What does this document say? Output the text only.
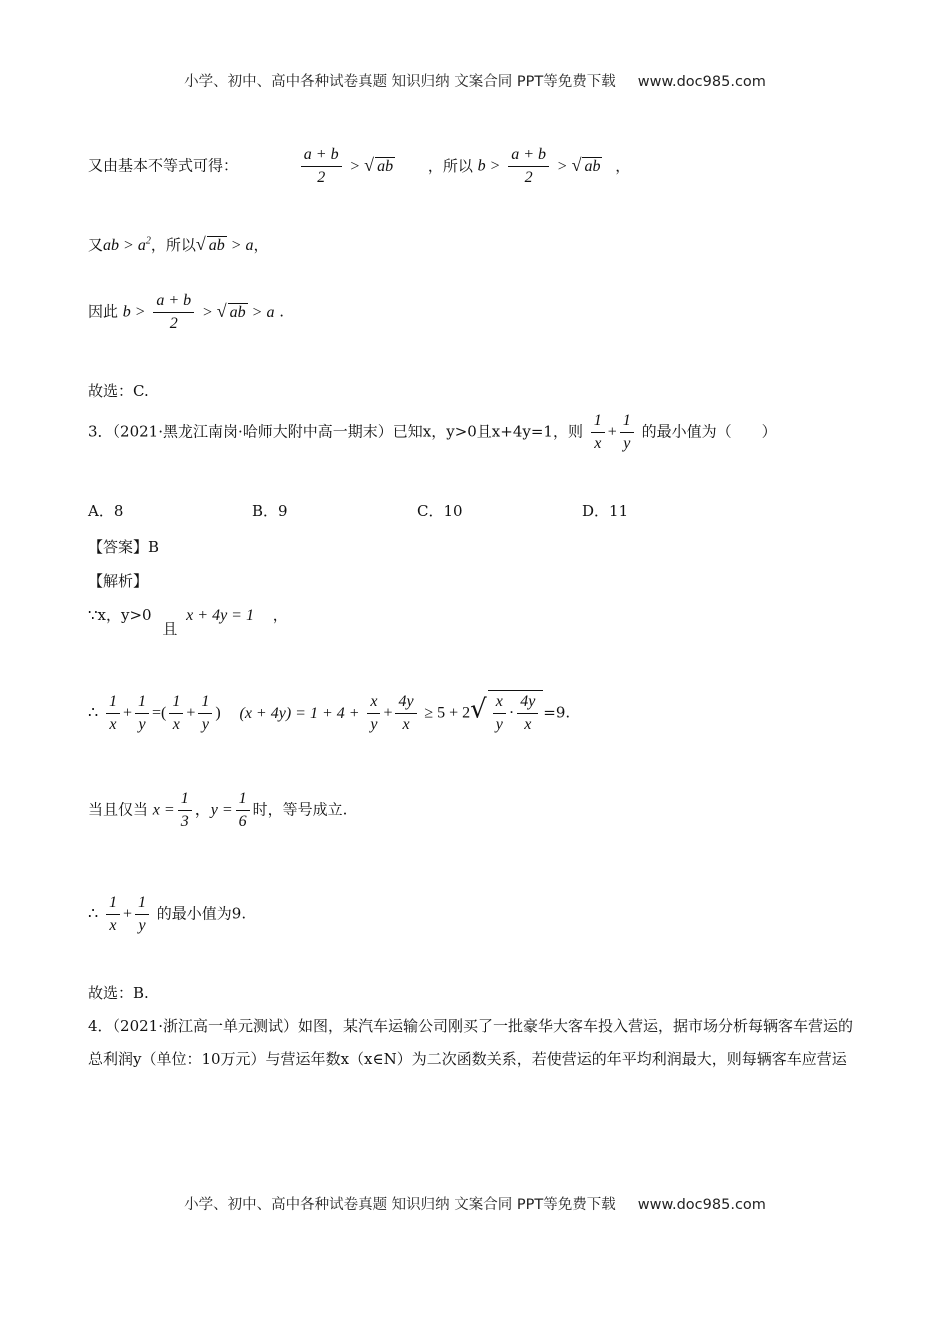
小学、初中、高中各种试卷真题 知识归纳 文案合同 PPT等免费下载 www.doc985.com
又由基本不等式可得：	$\frac{a + b}{2}$ > √ ab ，所以 $b > \frac{a + b}{2}$ > √ ab ，
又ab > $a^2$，所以√ ab > a，
因此 $b > \frac{a + b}{2}$ > √ ab > a .
故选：C.
3．（2021·黑龙江南岗·哈师大附中高一期末）已知x，y>0且x+4y=1，则 $\frac{1}{x} + \frac{1}{y}$ 的最小值为（　　）
A．8	B．9	C．10	D．11
【答案】B
【解析】
∵x，y>0 且 x + 4y = 1 ，
∴ $\frac{1}{x} + \frac{1}{y}$ =( $\frac{1}{x} + \frac{1}{y}$ ) $(x + 4y) = 1 + 4 + \frac{x}{y} + \frac{4y}{x} \ge 5 + 2√ \frac{x}{y} \cdot \frac{4y}{x} =9$.
当且仅当 $x = \frac{1}{3}$ ，$y = \frac{1}{6}$ 时，等号成立.
∴ $\frac{1}{x} + \frac{1}{y}$ 的最小值为9.
故选：B.
4．（2021·浙江高一单元测试）如图，某汽车运输公司刚买了一批豪华大客车投入营运，据市场分析每辆客车营运的总利润y（单位：10万元）与营运年数x（x∈N）为二次函数关系，若使营运的年平均利润最大，则每辆客车应营运
小学、初中、高中各种试卷真题 知识归纳 文案合同 PPT等免费下载 www.doc985.com
